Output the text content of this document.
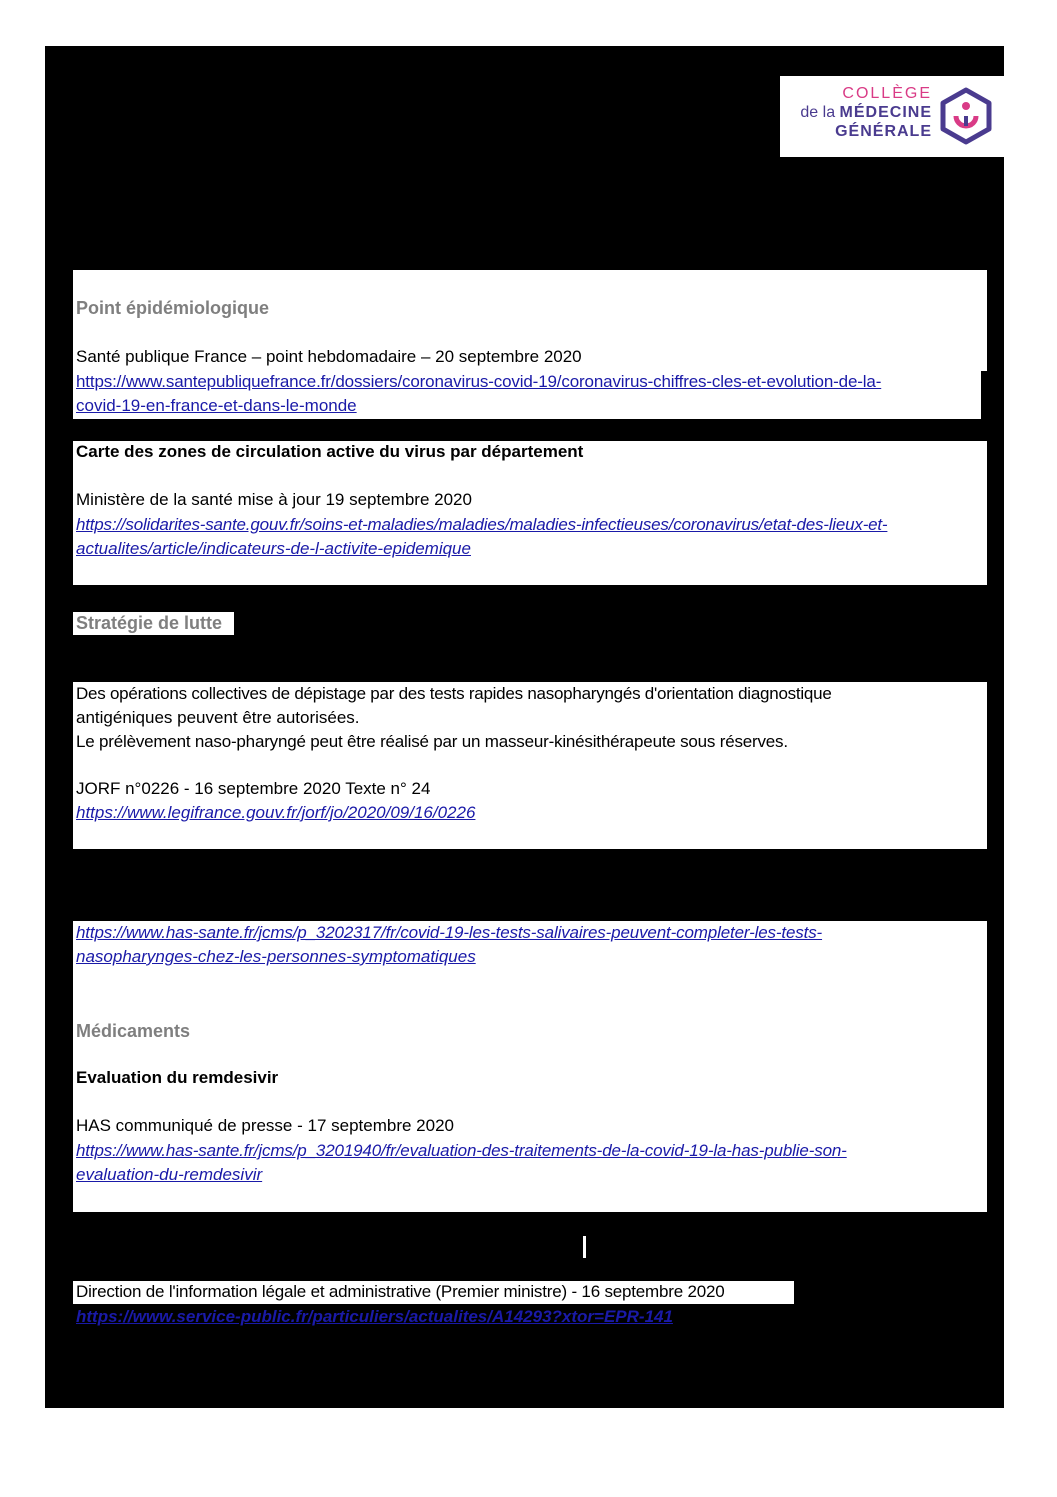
COLLÈGE
de la MÉDECINE
GÉNÉRALE
Point épidémiologique
Santé publique France – point hebdomadaire – 20 septembre 2020
https://www.santepubliquefrance.fr/dossiers/coronavirus-covid-19/coronavirus-chiffres-cles-et-evolution-de-la-
covid-19-en-france-et-dans-le-monde
Carte des zones de circulation active du virus par département
Ministère de la santé mise à jour 19 septembre 2020
https://solidarites-sante.gouv.fr/soins-et-maladies/maladies/maladies-infectieuses/coronavirus/etat-des-lieux-et-
actualites/article/indicateurs-de-l-activite-epidemique
Stratégie de lutte
Des opérations collectives de dépistage par des tests rapides nasopharyngés d'orientation diagnostique
antigéniques peuvent être autorisées.
Le prélèvement naso-pharyngé peut être réalisé par un masseur-kinésithérapeute sous réserves.
JORF n°0226 - 16 septembre 2020 Texte n° 24
https://www.legifrance.gouv.fr/jorf/jo/2020/09/16/0226
https://www.has-sante.fr/jcms/p_3202317/fr/covid-19-les-tests-salivaires-peuvent-completer-les-tests-
nasopharynges-chez-les-personnes-symptomatiques
Médicaments
Evaluation du remdesivir
HAS communiqué de presse - 17 septembre 2020
https://www.has-sante.fr/jcms/p_3201940/fr/evaluation-des-traitements-de-la-covid-19-la-has-publie-son-
evaluation-du-remdesivir
Direction de l'information légale et administrative (Premier ministre) - 16 septembre 2020
https://www.service-public.fr/particuliers/actualites/A14293?xtor=EPR-141
